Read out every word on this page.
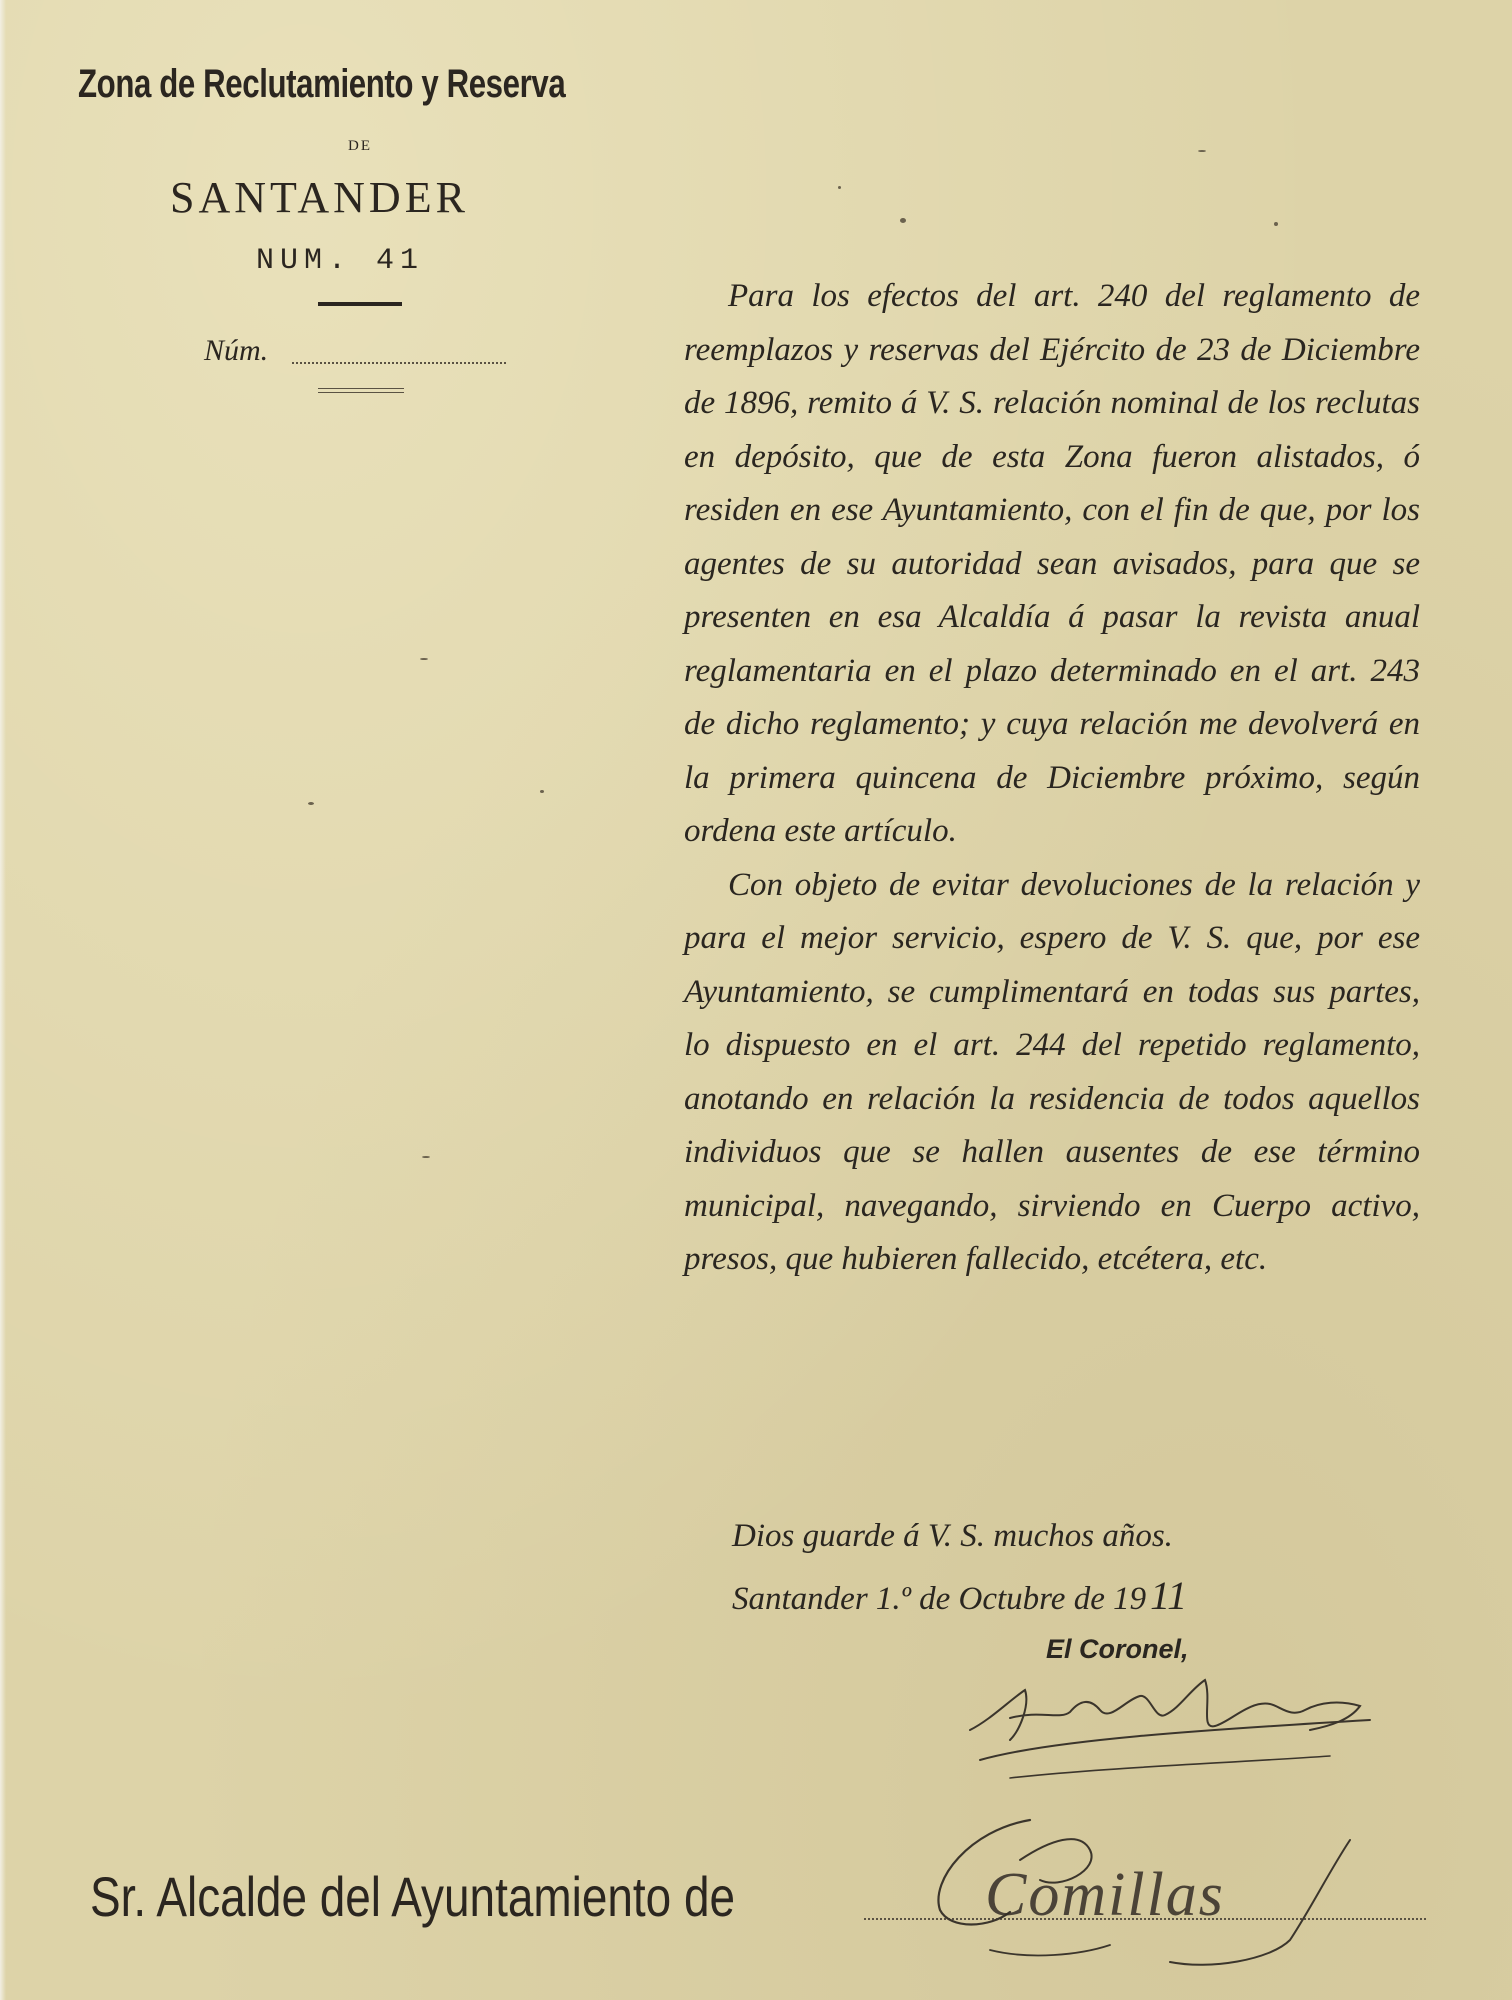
Zona de Reclutamiento y Reserva
DE
SANTANDER
NUM. 41
Núm.

Para los efectos del art. 240 del reglamento de reemplazos y reservas del Ejército de 23 de Diciembre de 1896, remito á V. S. relación nominal de los reclutas en depósito, que de esta Zona fueron alistados, ó residen en ese Ayuntamiento, con el fin de que, por los agentes de su autoridad sean avisados, para que se presenten en esa Alcaldía á pasar la revista anual reglamentaria en el plazo determinado en el art. 243 de dicho reglamento; y cuya relación me devolverá en la primera quincena de Diciembre próximo, según ordena este artículo.

Con objeto de evitar devoluciones de la relación y para el mejor servicio, espero de V. S. que, por ese Ayuntamiento, se cumplimentará en todas sus partes, lo dispuesto en el art. 244 del repetido reglamento, anotando en relación la residencia de todos aquellos individuos que se hallen ausentes de ese término municipal, navegando, sirviendo en Cuerpo activo, presos, que hubieren fallecido, etcétera, etc.

Dios guarde á V. S. muchos años.
Santander 1.º de Octubre de 19 11
El Coronel,
Sr. Alcalde del Ayuntamiento de	Comillas
